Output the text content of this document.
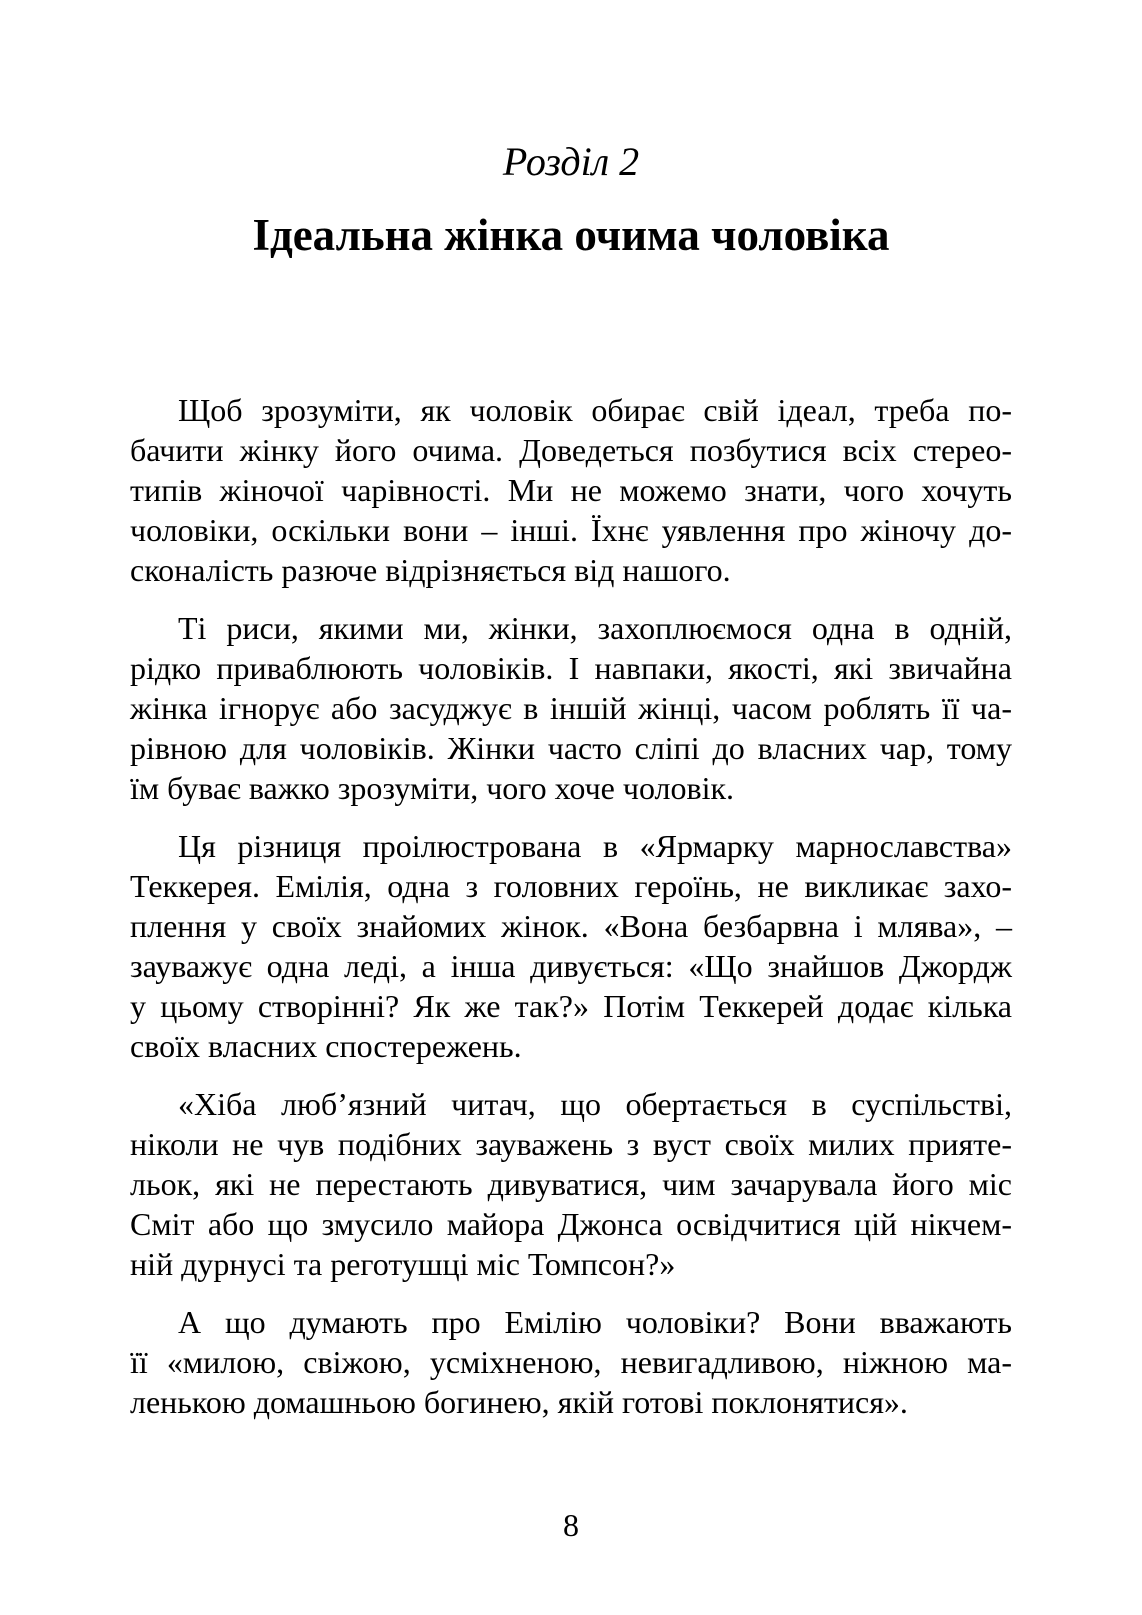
Розділ 2
Ідеальна жінка очима чоловіка
Щоб зрозуміти, як чоловік обирає свій ідеал, треба по-
бачити жінку його очима. Доведеться позбутися всіх стерео-
типів жіночої чарівності. Ми не можемо знати, чого хочуть
чоловіки, оскільки вони – інші. Їхнє уявлення про жіночу до-
сконалість разюче відрізняється від нашого.
Ті риси, якими ми, жінки, захоплюємося одна в одній,
рідко приваблюють чоловіків. І навпаки, якості, які звичайна
жінка ігнорує або засуджує в іншій жінці, часом роблять її ча-
рівною для чоловіків. Жінки часто сліпі до власних чар, тому
їм буває важко зрозуміти, чого хоче чоловік.
Ця різниця проілюстрована в «Ярмарку марнославства»
Теккерея. Емілія, одна з головних героїнь, не викликає захо-
плення у своїх знайомих жінок. «Вона безбарвна і млява», –
зауважує одна леді, а інша дивується: «Що знайшов Джордж
у цьому створінні? Як же так?» Потім Теккерей додає кілька
своїх власних спостережень.
«Хіба люб’язний читач, що обертається в суспільстві,
ніколи не чув подібних зауважень з вуст своїх милих прияте-
льок, які не перестають дивуватися, чим зачарувала його міс
Сміт або що змусило майора Джонса освідчитися цій нікчем-
ній дурнусі та реготушці міс Томпсон?»
А що думають про Емілію чоловіки? Вони вважають
її «милою, свіжою, усміхненою, невигадливою, ніжною ма-
ленькою домашньою богинею, якій готові поклонятися».
8
